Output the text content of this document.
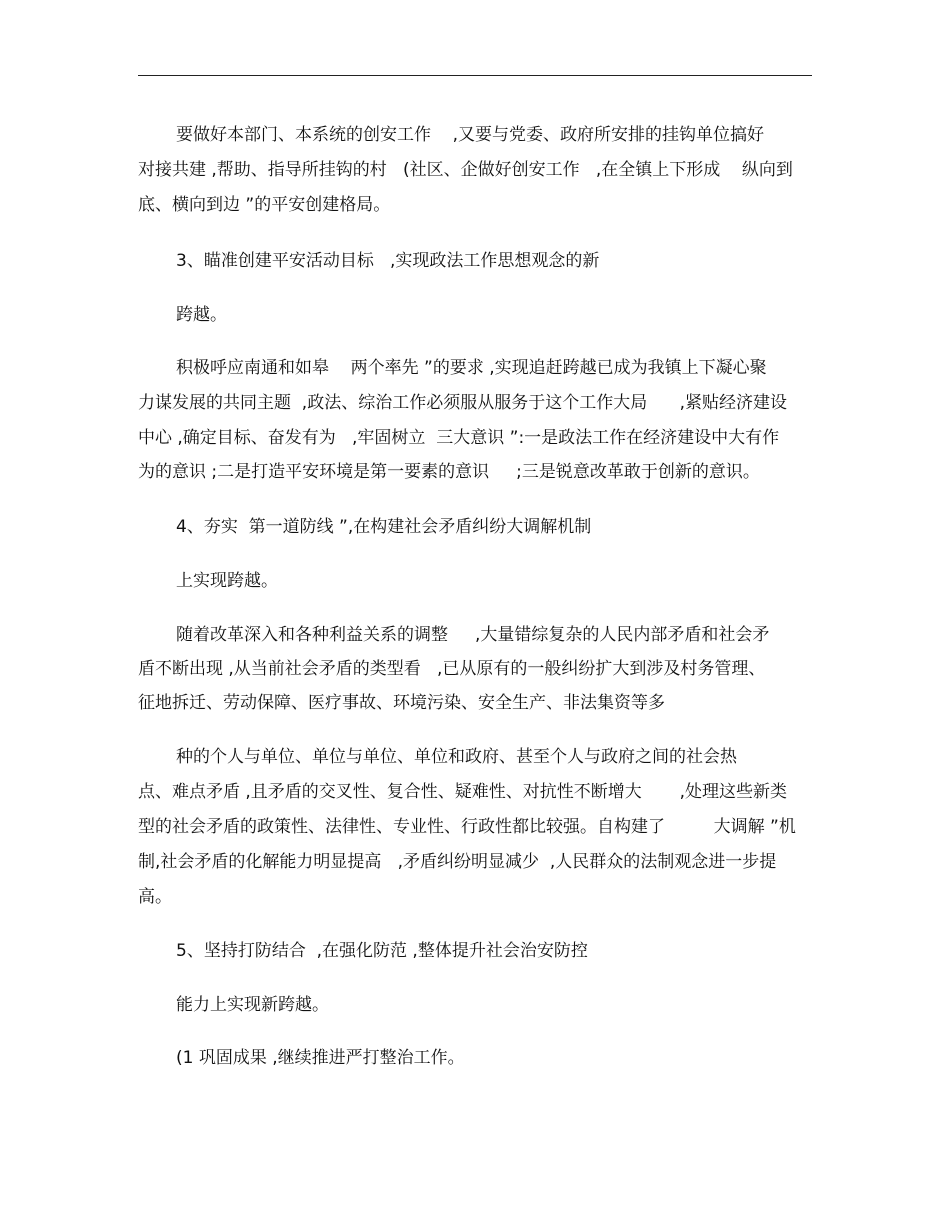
要做好本部门、本系统的创安工作    ,又要与党委、政府所安排的挂钩单位搞好
对接共建 ,帮助、指导所挂钩的村   (社区、企做好创安工作   ,在全镇上下形成    纵向到
底、横向到边 ”的平安创建格局。
3、瞄准创建平安活动目标   ,实现政法工作思想观念的新
跨越。
积极呼应南通和如皋    两个率先 ”的要求 ,实现追赶跨越已成为我镇上下凝心聚
力谋发展的共同主题  ,政法、综治工作必须服从服务于这个工作大局      ,紧贴经济建设
中心 ,确定目标、奋发有为   ,牢固树立  三大意识 ”:一是政法工作在经济建设中大有作
为的意识 ;二是打造平安环境是第一要素的意识     ;三是锐意改革敢于创新的意识。
4、夯实  第一道防线 ”,在构建社会矛盾纠纷大调解机制
上实现跨越。
随着改革深入和各种利益关系的调整     ,大量错综复杂的人民内部矛盾和社会矛
盾不断出现 ,从当前社会矛盾的类型看   ,已从原有的一般纠纷扩大到涉及村务管理、
征地拆迁、劳动保障、医疗事故、环境污染、安全生产、非法集资等多
种的个人与单位、单位与单位、单位和政府、甚至个人与政府之间的社会热
点、难点矛盾 ,且矛盾的交叉性、复合性、疑难性、对抗性不断增大       ,处理这些新类
型的社会矛盾的政策性、法律性、专业性、行政性都比较强。自构建了         大调解 ”机
制,社会矛盾的化解能力明显提高   ,矛盾纠纷明显减少  ,人民群众的法制观念进一步提
高。
5、坚持打防结合  ,在强化防范 ,整体提升社会治安防控
能力上实现新跨越。
(1 巩固成果 ,继续推进严打整治工作。
